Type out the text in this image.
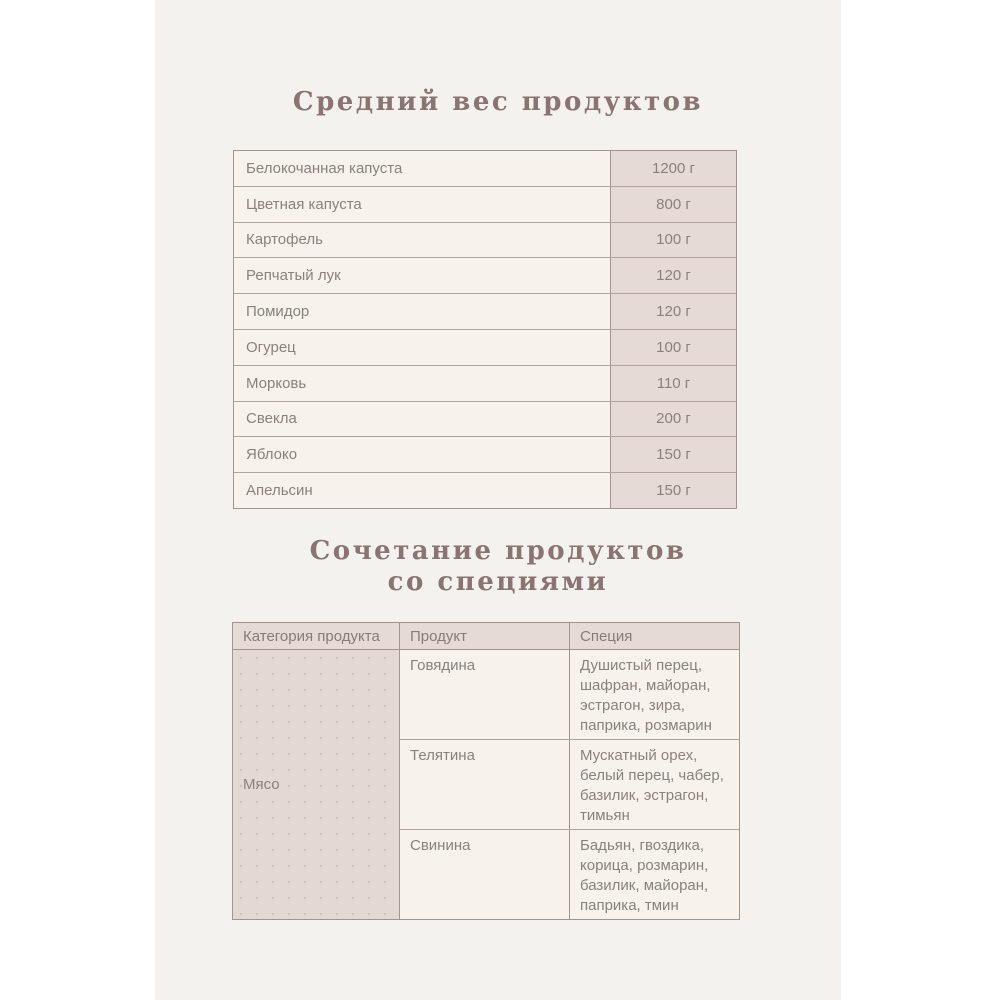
Средний вес продуктов
Белокочанная капуста	1200 г
Цветная капуста	800 г
Картофель	100 г
Репчатый лук	120 г
Помидор	120 г
Огурец	100 г
Морковь	110 г
Свекла	200 г
Яблоко	150 г
Апельсин	150 г
Сочетание продуктов
со специями
Категория продукта	Продукт	Специя
Мясо
Говядина	Душистый перец, шафран, майоран, эстрагон, зира, паприка, розмарин
Телятина	Мускатный орех, белый перец, чабер, базилик, эстрагон, тимьян
Свинина	Бадьян, гвоздика, корица, розмарин, базилик, майоран, паприка, тмин
